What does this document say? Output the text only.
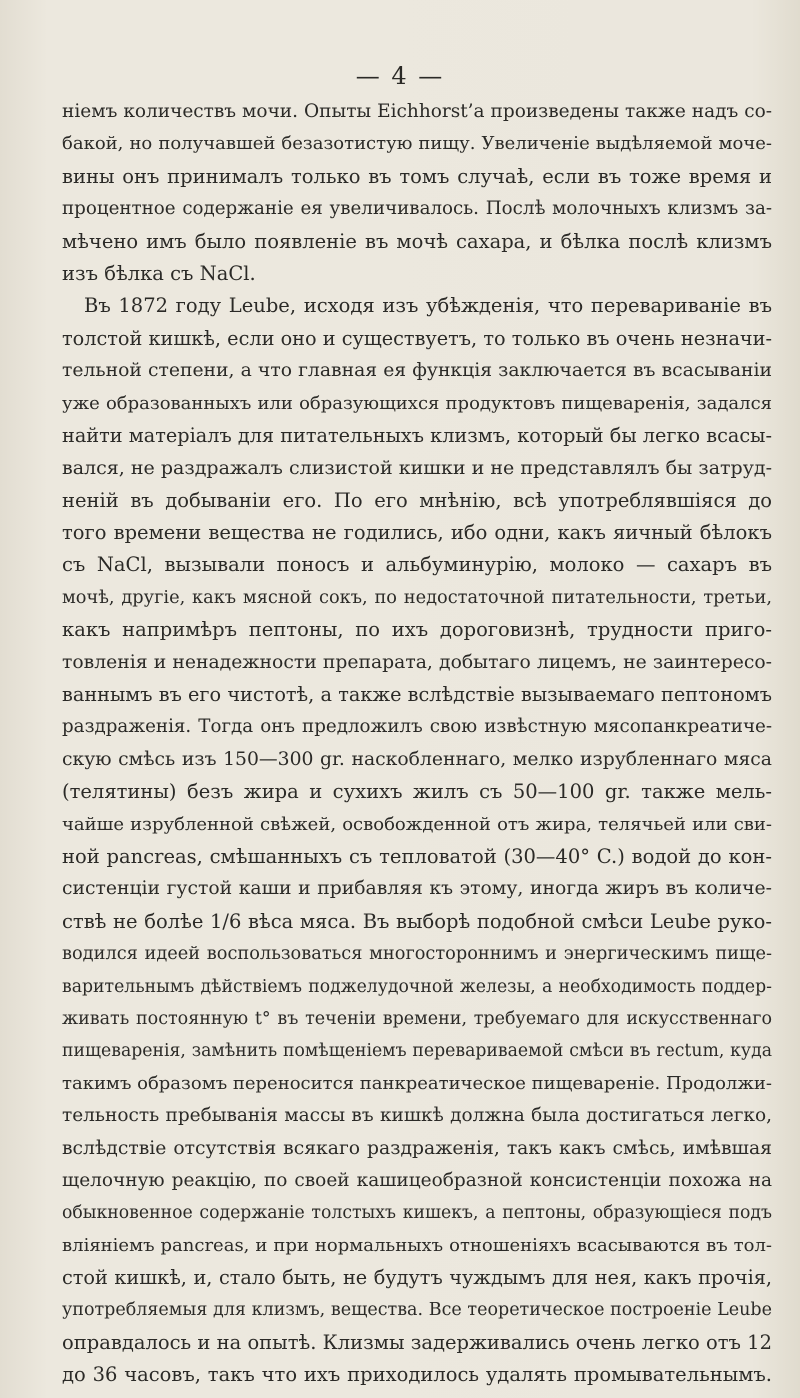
— 4 —
нiемъ количествъ мочи. Опыты Eichhorst’а произведены также надъ со-
бакой, но получавшей безазотистую пищу. Увеличенiе выдѣляемой моче-
вины онъ принималъ только въ томъ случаѣ, если въ тоже время и
процентное содержанiе ея увеличивалось. Послѣ молочныхъ клизмъ за-
мѣчено имъ было появленiе въ мочѣ сахара, и бѣлка послѣ клизмъ
изъ бѣлка съ NaCl.
Въ 1872 году Leube, исходя изъ убѣжденiя, что перевариванiе въ
толстой кишкѣ, если оно и существуетъ, то только въ очень незначи-
тельной степени, а что главная ея функцiя заключается въ всасыванiи
уже образованныхъ или образующихся продуктовъ пищеваренiя, задался
найти матерiалъ для питательныхъ клизмъ, который бы легко всасы-
вался, не раздражалъ слизистой кишки и не представлялъ бы затруд-
ненiй въ добыванiи его. По его мнѣнiю, всѣ употреблявшiяся до
того времени вещества не годились, ибо одни, какъ яичный бѣлокъ
съ NaCl, вызывали поносъ и альбуминурiю, молоко — сахаръ въ
мочѣ, другiе, какъ мясной сокъ, по недостаточной питательности, третьи,
какъ напримѣръ пептоны, по ихъ дороговизнѣ, трудности приго-
товленiя и ненадежности препарата, добытаго лицемъ, не заинтересо-
ваннымъ въ его чистотѣ, а также вслѣдствiе вызываемаго пептономъ
раздраженiя. Тогда онъ предложилъ свою извѣстную мясопанкреатиче-
скую смѣсь изъ 150—300 gr. наскобленнаго, мелко изрубленнаго мяса
(телятины) безъ жира и сухихъ жилъ съ 50—100 gr. также мель-
чайше изрубленной свѣжей, освобожденной отъ жира, телячьей или сви-
ной pancreas, смѣшанныхъ съ тепловатой (30—40° C.) водой до кон-
систенцiи густой каши и прибавляя къ этому, иногда жиръ въ количе-
ствѣ не болѣе 1/6 вѣса мяса. Въ выборѣ подобной смѣси Leube руко-
водился идеей воспользоваться многостороннимъ и энергическимъ пище-
варительнымъ дѣйствiемъ поджелудочной железы, а необходимость поддер-
живать постоянную t° въ теченiи времени, требуемаго для искусственнаго
пищеваренiя, замѣнить помѣщенiемъ перевариваемой смѣси въ rectum, куда
такимъ образомъ переносится панкреатическое пищеваренiе. Продолжи-
тельность пребыванiя массы въ кишкѣ должна была достигаться легко,
вслѣдствiе отсутствiя всякаго раздраженiя, такъ какъ смѣсь, имѣвшая
щелочную реакцiю, по своей кашицеобразной консистенцiи похожа на
обыкновенное содержанiе толстыхъ кишекъ, а пептоны, образующiеся подъ
влiянiемъ pancreas, и при нормальныхъ отношенiяхъ всасываются въ тол-
стой кишкѣ, и, стало быть, не будутъ чуждымъ для нея, какъ прочiя,
употребляемыя для клизмъ, вещества. Все теоретическое построенiе Leube
оправдалось и на опытѣ. Клизмы задерживались очень легко отъ 12
до 36 часовъ, такъ что ихъ приходилось удалять промывательнымъ.
